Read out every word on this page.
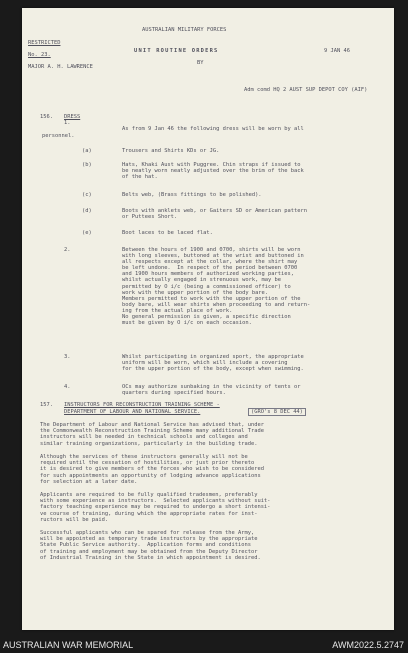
AUSTRALIAN MILITARY FORCES
RESTRICTED
No. 23.
MAJOR A. H. LAWRENCE
UNIT ROUTINE ORDERS
BY
9 JAN 46
Adm comd HQ 2 AUST SUP DEPOT COY (AIF)
156. DRESS
1.
As from 9 Jan 46 the following dress will be worn by all
personnel.
(a)	Trousers and Shirts KDs or JG.
(b)	Hats, Khaki Aust with Puggree. Chin straps if issued to
be neatly worn neatly adjusted over the brim of the back
of the hat.
(c)	Belts web, (Brass fittings to be polished).
(d)	Boots with anklets web, or Gaiters SD or American pattern
or Puttees Short.
(e)	Boot laces to be laced flat.
2.	Between the hours of 1900 and 0700, shirts will be worn
with long sleeves, buttoned at the wrist and buttoned in
all respects except at the collar, where the shirt may
be left undone.  In respect of the period between 0700
and 1900 hours members of authorized working parties,
whilst actually engaged in strenuous work, may be
permitted by O i/c (being a commissioned officer) to
work with the upper portion of the body bare.
Members permitted to work with the upper portion of the
body bare, will wear shirts when proceeding to and return-
ing from the actual place of work.
No general permission is given, a specific direction
must be given by O i/c on each occasion.
3.	Whilst participating in organized sport, the appropriate
uniform will be worn, which will include a covering
for the upper portion of the body, except when swimming.
4.	OCs may authorize sunbaking in the vicinity of tents or
quarters during specified hours.
157. INSTRUCTORS FOR RECONSTRUCTION TRAINING SCHEME -
DEPARTMENT OF LABOUR AND NATIONAL SERVICE.	(GRO's 8 DEC 44)
The Department of Labour and National Service has advised that, under
the Commonwealth Reconstruction Training Scheme many additional Trade
instructors will be needed in technical schools and colleges and
similar training organizations, particularly in the building trade.
Although the services of these instructors generally will not be
required until the cessation of hostilities, or just prior thereto
it is desired to give members of the forces who wish to be considered
for such appointments an opportunity of lodging advance applications
for selection at a later date.
Applicants are required to be fully qualified tradesmen, preferably
with some experience as instructors.  Selected applicants without suit-
factory teaching experience may be required to undergo a short intensi-
ve course of training, during which the appropriate rates for inst-
ructors will be paid.
Successful applicants who can be spared for release from the Army,
will be appointed as temporary trade instructors by the appropriate
State Public Service authority.  Application forms and conditions
of training and employment may be obtained from the Deputy Director
of Industrial Training in the State in which appointment is desired.
AUSTRALIAN WAR MEMORIAL	AWM2022.5.2747
